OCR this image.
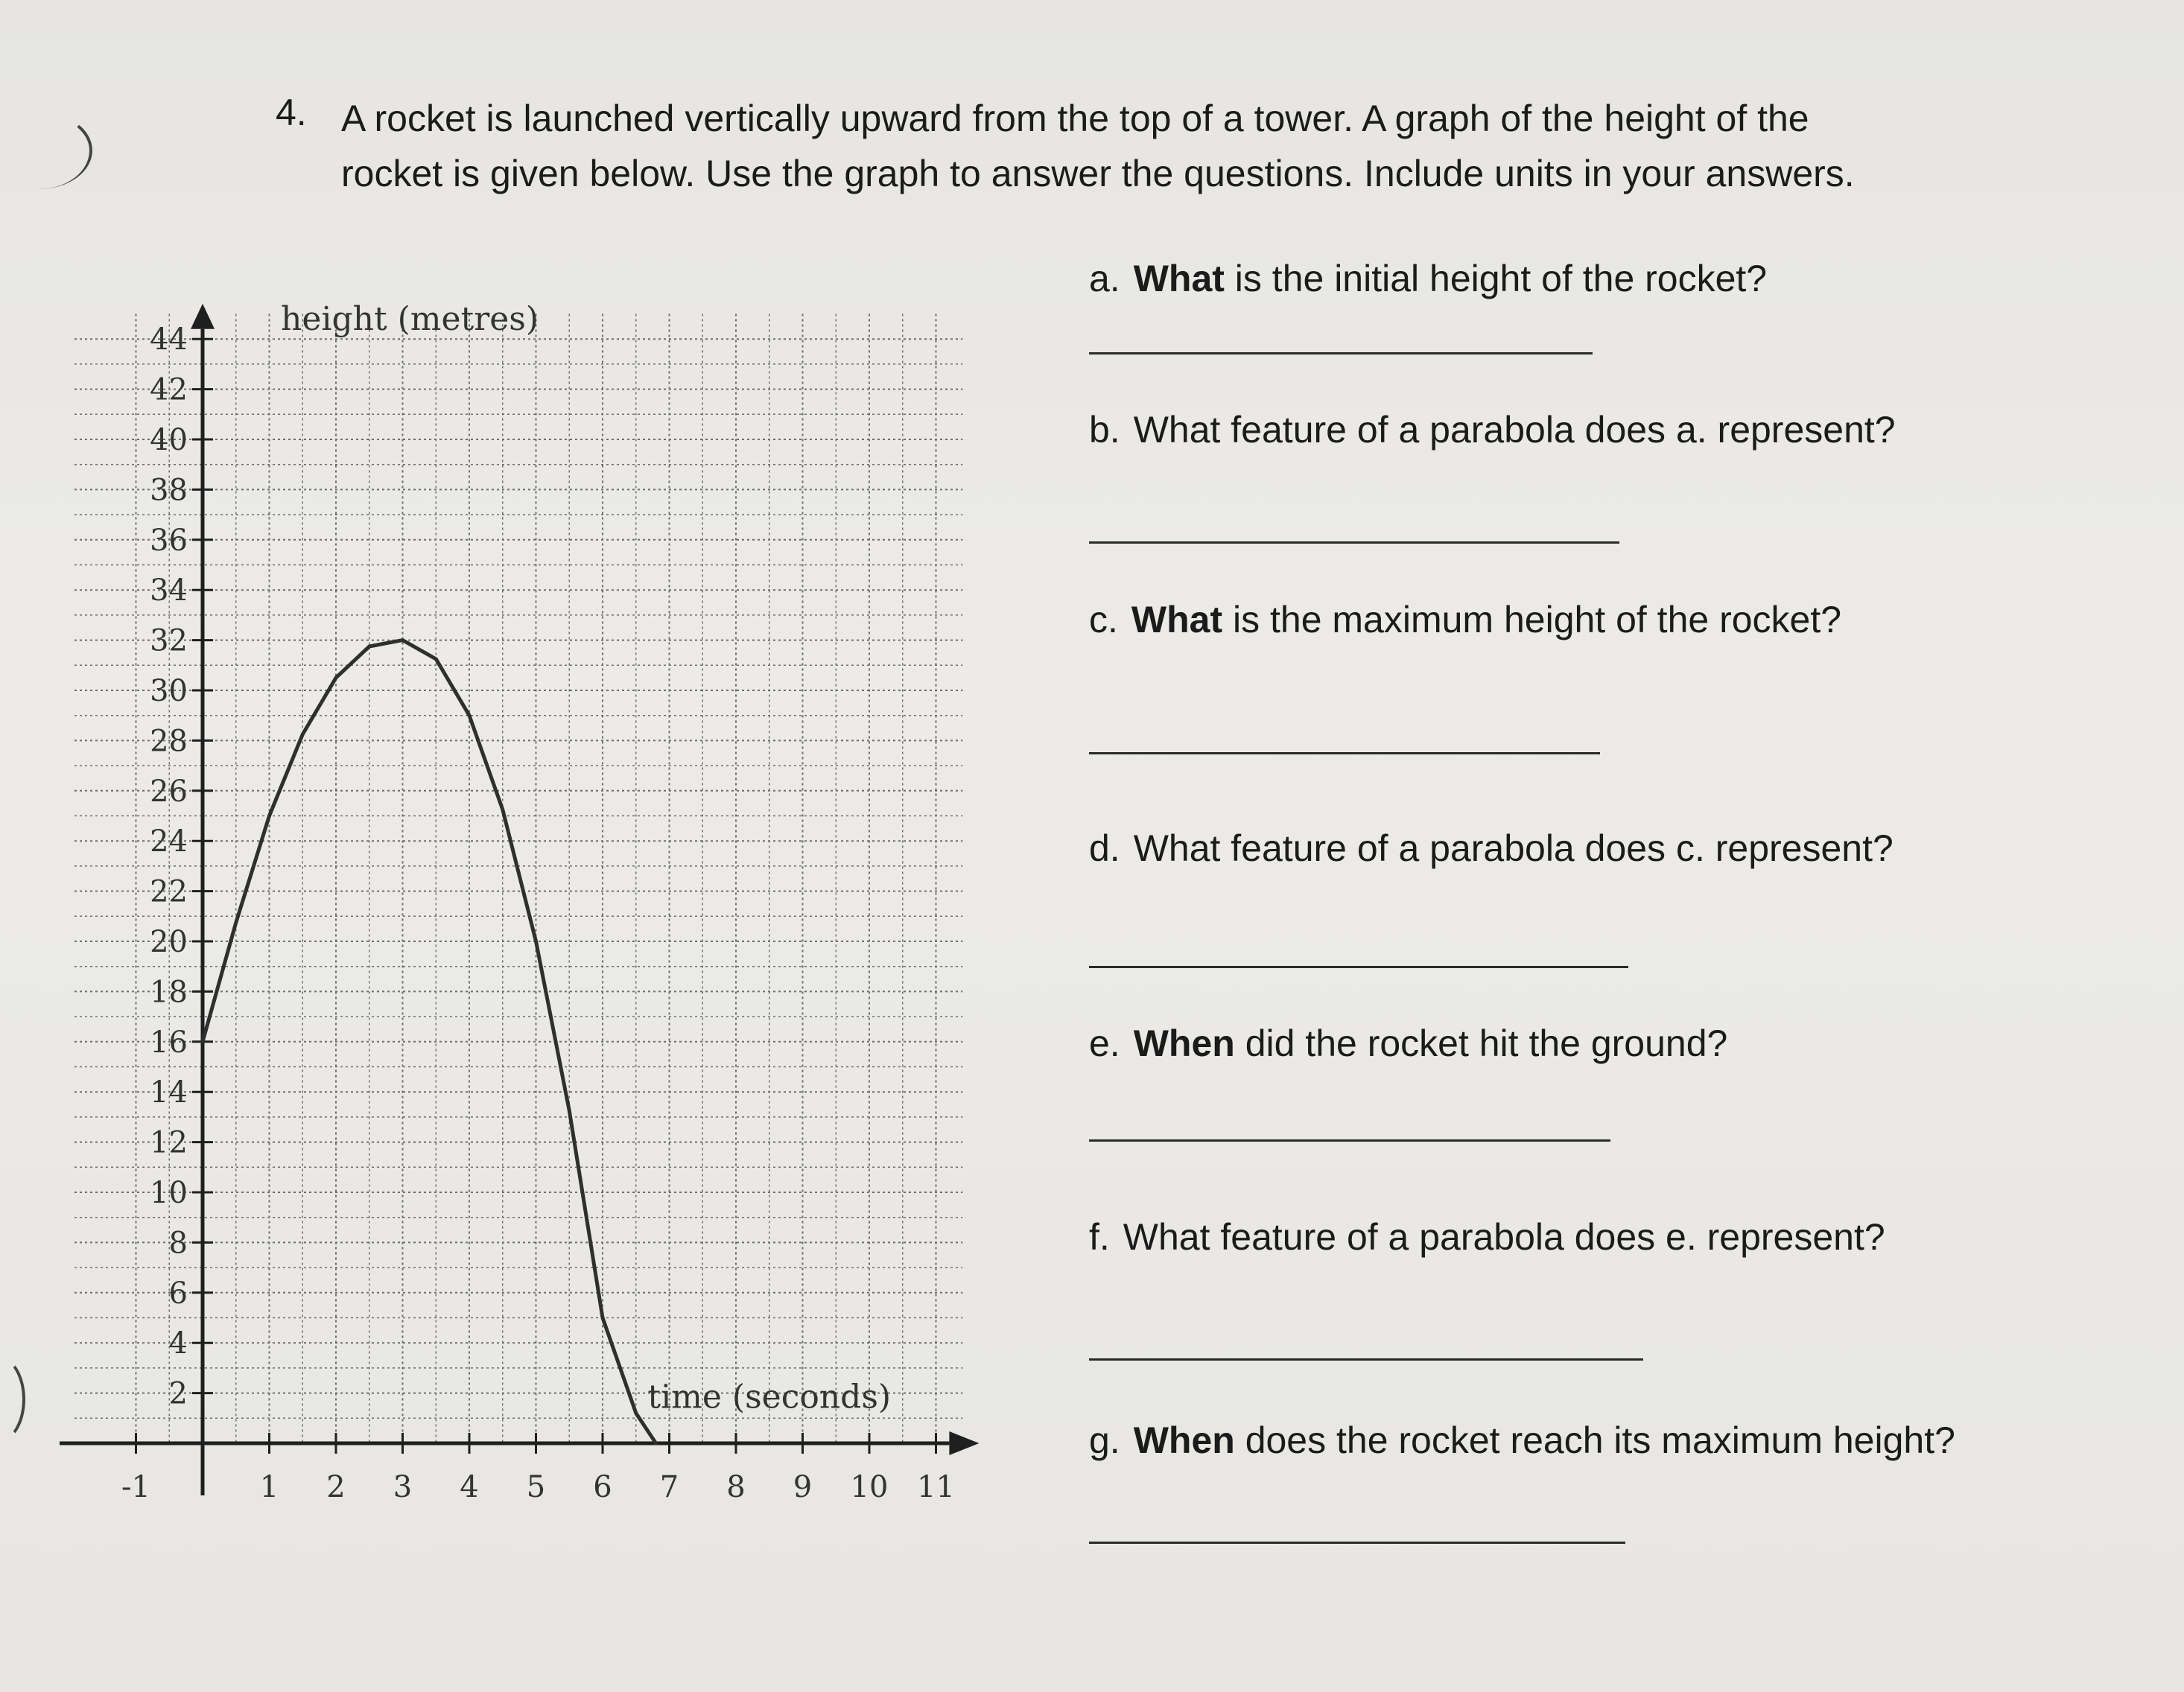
4. A rocket is launched vertically upward from the top of a tower. A graph of the height of the
rocket is given below. Use the graph to answer the questions. Include units in your answers.
a. What is the initial height of the rocket?
b. What feature of a parabola does a. represent?
c. What is the maximum height of the rocket?
d. What feature of a parabola does c. represent?
e. When did the rocket hit the ground?
f. What feature of a parabola does e. represent?
g. When does the rocket reach its maximum height?
2
4
6
8
10
12
14
16
18
20
22
24
26
28
30
32
34
36
38
40
42
44
-1	1 2 3 4 5 6 7 8 9 10 11
height (metres)
time (seconds)
